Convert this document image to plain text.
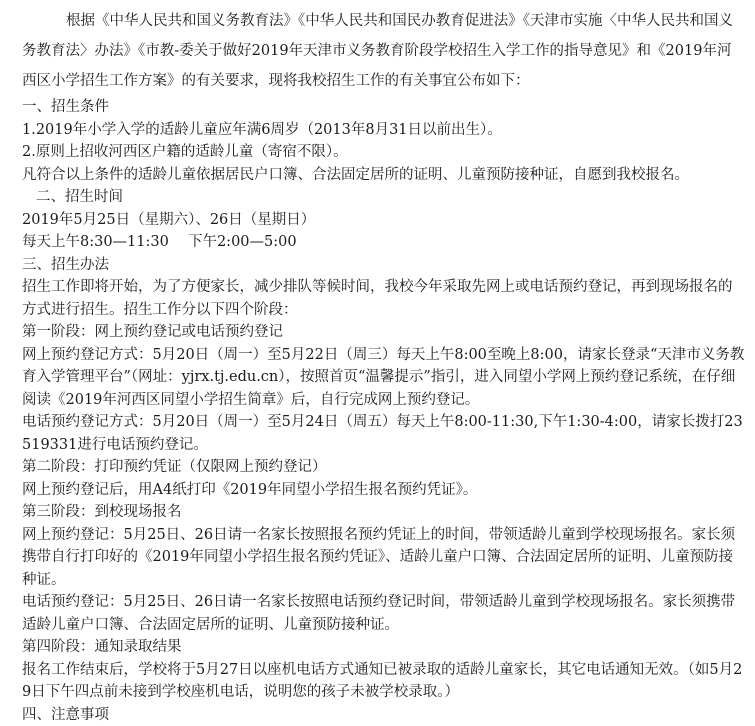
根据《中华人民共和国义务教育法》《中华人民共和国民办教育促进法》《天津市实施〈中华人民共和国义务教育法〉办法》《市教-委关于做好2019年天津市义务教育阶段学校招生入学工作的指导意见》和《2019年河西区小学招生工作方案》的有关要求，现将我校招生工作的有关事宜公布如下：

一、招生条件

1.2019年小学入学的适龄儿童应年满6周岁（2013年8月31日以前出生）。

2.原则上招收河西区户籍的适龄儿童（寄宿不限）。

凡符合以上条件的适龄儿童依据居民户口簿、合法固定居所的证明、儿童预防接种证，自愿到我校报名。

二、招生时间

2019年5月25日（星期六）、26日（星期日）

每天上午8:30—11:30　 下午2:00—5:00

三、招生办法

招生工作即将开始，为了方便家长，减少排队等候时间，我校今年采取先网上或电话预约登记，再到现场报名的方式进行招生。招生工作分以下四个阶段：

第一阶段：网上预约登记或电话预约登记

网上预约登记方式：5月20日（周一）至5月22日（周三）每天上午8:00至晚上8:00，请家长登录“天津市义务教育入学管理平台”（网址：yjrx.tj.edu.cn），按照首页“温馨提示”指引，进入同望小学网上预约登记系统，在仔细阅读《2019年河西区同望小学招生简章》后，自行完成网上预约登记。

电话预约登记方式：5月20日（周一）至5月24日（周五）每天上午8:00-11:30,下午1:30-4:00，请家长拨打23519331进行电话预约登记。

第二阶段：打印预约凭证（仅限网上预约登记）

网上预约登记后，用A4纸打印《2019年同望小学招生报名预约凭证》。

第三阶段：到校现场报名

网上预约登记：5月25日、26日请一名家长按照报名预约凭证上的时间，带领适龄儿童到学校现场报名。家长须携带自行打印好的《2019年同望小学招生报名预约凭证》、适龄儿童户口簿、合法固定居所的证明、儿童预防接种证。

电话预约登记：5月25日、26日请一名家长按照电话预约登记时间，带领适龄儿童到学校现场报名。家长须携带适龄儿童户口簿、合法固定居所的证明、儿童预防接种证。

第四阶段：通知录取结果

报名工作结束后，学校将于5月27日以座机电话方式通知已被录取的适龄儿童家长，其它电话通知无效。（如5月29日下午四点前未接到学校座机电话，说明您的孩子未被学校录取。）

四、注意事项
